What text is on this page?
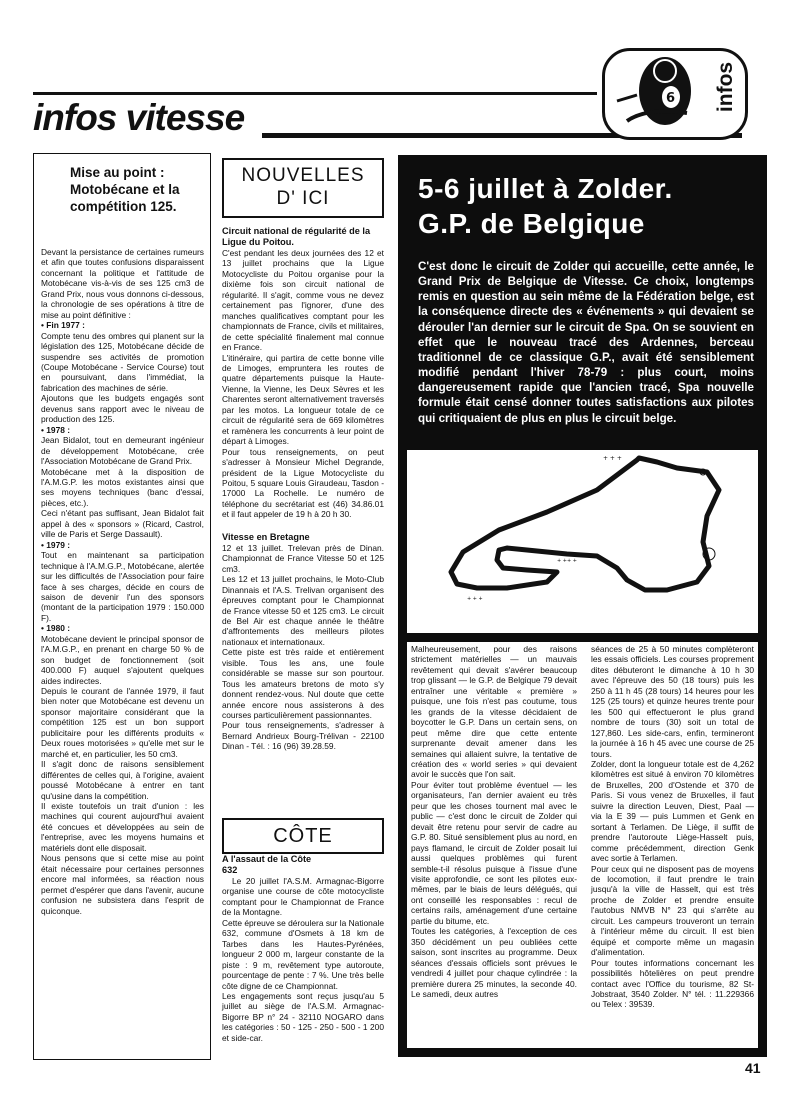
infos vitesse	6 infos
Mise au point : Motobécane et la compétition 125.

Devant la persistance de certaines rumeurs et afin que toutes confusions disparaissent concernant la politique et l'attitude de Motobécane vis-à-vis de ses 125 cm3 de Grand Prix, nous vous donnons ci-dessous, la chronologie de ses opérations à titre de mise au point définitive :

• Fin 1977 :

Compte tenu des ombres qui planent sur la législation des 125, Motobécane décide de suspendre ses activités de promotion (Coupe Motobécane - Service Course) tout en poursuivant, dans l'immédiat, la fabrication des machines de série.

Ajoutons que les budgets engagés sont devenus sans rapport avec le niveau de production des 125.

• 1978 :

Jean Bidalot, tout en demeurant ingénieur de développement Motobécane, crée l'Association Motobécane de Grand Prix.

Motobécane met à la disposition de l'A.M.G.P. les motos existantes ainsi que ses moyens techniques (banc d'essai, pièces, etc.).

Ceci n'étant pas suffisant, Jean Bidalot fait appel à des « sponsors » (Ricard, Castrol, ville de Paris et Serge Dassault).

• 1979 :

Tout en maintenant sa participation technique à l'A.M.G.P., Motobécane, alertée sur les difficultés de l'Association pour faire face à ses charges, décide en cours de saison de devenir l'un des sponsors (montant de la participation 1979 : 150.000 F).

• 1980 :

Motobécane devient le principal sponsor de l'A.M.G.P., en prenant en charge 50 % de son budget de fonctionnement (soit 400.000 F) auquel s'ajoutent quelques aides indirectes.

Depuis le courant de l'année 1979, il faut bien noter que Motobécane est devenu un sponsor majoritaire considérant que la compétition 125 est un bon support publicitaire pour les différents produits « Deux roues motorisées » qu'elle met sur le marché et, en particulier, les 50 cm3.

Il s'agit donc de raisons sensiblement différentes de celles qui, à l'origine, avaient poussé Motobécane à entrer en tant qu'usine dans la compétition.

Il existe toutefois un trait d'union : les machines qui courent aujourd'hui avaient été concues et développées au sein de l'entreprise, avec les moyens humains et matériels dont elle disposait.

Nous pensons que si cette mise au point était nécessaire pour certaines personnes encore mal informées, sa réaction nous permet d'espérer que dans l'avenir, aucune confusion ne subsistera dans l'esprit de quiconque.

NOUVELLES D' ICI
Circuit national de régularité de la Ligue du Poitou.

C'est pendant les deux journées des 12 et 13 juillet prochains que la Ligue Motocycliste du Poitou organise pour la dixième fois son circuit national de régularité. Il s'agit, comme vous ne devez certainement pas l'ignorer, d'une des manches qualificatives comptant pour les championnats de France, civils et militaires, de cette spécialité finalement mal connue en France.

L'itinéraire, qui partira de cette bonne ville de Limoges, empruntera les routes de quatre départements puisque la Haute-Vienne, la Vienne, les Deux Sèvres et les Charentes seront alternativement traversés par les motos. La longueur totale de ce circuit de régularité sera de 669 kilomètres et ramènera les concurrents à leur point de départ à Limoges.

Pour tous renseignements, on peut s'adresser à Monsieur Michel Degrande, président de la Ligue Motocycliste du Poitou, 5 square Louis Giraudeau, Tasdon - 17000 La Rochelle. Le numéro de téléphone du secrétariat est (46) 34.86.01 et il faut appeler de 19 h à 20 h 30.

Vitesse en Bretagne

12 et 13 juillet. Trelevan près de Dinan. Championnat de France Vitesse 50 et 125 cm3.

Les 12 et 13 juillet prochains, le Moto-Club Dinannais et l'A.S. Trelivan organisent des épreuves comptant pour le Championnat de France vitesse 50 et 125 cm3. Le circuit de Bel Air est chaque année le théâtre d'affrontements des meilleurs pilotes nationaux et internationaux.

Cette piste est très raide et entièrement visible. Tous les ans, une foule considérable se masse sur son pourtour. Tous les amateurs bretons de moto s'y donnent rendez-vous. Nul doute que cette année encore nous assisterons à des courses particulièrement passionnantes.

Pour tous renseignements, s'adresser à Bernard Andrieux Bourg-Trélivan - 22100 Dinan - Tél. : 16 (96) 39.28.59.

CÔTE
A l'assaut de la Côte 632

Le 20 juillet l'A.S.M. Armagnac-Bigorre organise une course de côte motocycliste comptant pour le Championnat de France de la Montagne.

Cette épreuve se déroulera sur la Nationale 632, commune d'Osmets à 18 km de Tarbes dans les Hautes-Pyrénées, longueur 2 000 m, largeur constante de la piste : 9 m, revêtement type autoroute, pourcentage de pente : 7 %. Une très belle côte digne de ce Championnat.

Les engagements sont reçus jusqu'au 5 juillet au siège de l'A.S.M. Armagnac-Bigorre BP n° 24 - 32110 NOGARO dans les catégories : 50 - 125 - 250 - 500 - 1 200 et side-car.

5-6 juillet à Zolder.
G.P. de Belgique
C'est donc le circuit de Zolder qui accueille, cette année, le Grand Prix de Belgique de Vitesse. Ce choix, longtemps remis en question au sein même de la Fédération belge, est la conséquence directe des « événements » qui devaient se dérouler l'an dernier sur le circuit de Spa. On se souvient en effet que le nouveau tracé des Ardennes, berceau traditionnel de ce classique G.P., avait été sensiblement modifié pendant l'hiver 78-79 : plus court, moins dangereusement rapide que l'ancien tracé, Spa nouvelle formule était censé donner toutes satisfactions aux pilotes qui critiquaient de plus en plus le circuit belge.
+ + +
+ ++ +
+ + +

Malheureusement, pour des raisons strictement matérielles — un mauvais revêtement qui devait s'avérer beaucoup trop glissant — le G.P. de Belgique 79 devait entraîner une véritable « première » puisque, une fois n'est pas coutume, tous les grands de la vitesse décidaient de boycotter le G.P. Dans un certain sens, on peut même dire que cette entente surprenante devait amener dans les semaines qui allaient suivre, la tentative de création des « world series » qui devaient avoir le succès que l'on sait.

Pour éviter tout problème éventuel — les organisateurs, l'an dernier avaient eu très peur que les choses tournent mal avec le public — c'est donc le circuit de Zolder qui devait être retenu pour servir de cadre au G.P. 80. Situé sensiblement plus au nord, en pays flamand, le circuit de Zolder posait lui aussi quelques problèmes qui furent semble-t-il résolus puisque à l'issue d'une visite approfondie, ce sont les pilotes eux-mêmes, par le biais de leurs délégués, qui ont conseillé les responsables : recul de certains rails, aménagement d'une certaine partie du bitume, etc.

Toutes les catégories, à l'exception de ces 350 décidément un peu oubliées cette saison, sont inscrites au programme. Deux séances d'essais officiels sont prévues le vendredi 4 juillet pour chaque cylindrée : la première durera 25 minutes, la seconde 40. Le samedi, deux autres

séances de 25 à 50 minutes complèteront les essais officiels. Les courses proprement dites débuteront le dimanche à 10 h 30 avec l'épreuve des 50 (18 tours) puis les 250 à 11 h 45 (28 tours) 14 heures pour les 125 (25 tours) et quinze heures trente pour les 500 qui effectueront le plus grand nombre de tours (30) soit un total de 127,860. Les side-cars, enfin, termineront la journée à 16 h 45 avec une course de 25 tours.

Zolder, dont la longueur totale est de 4,262 kilomètres est situé à environ 70 kilomètres de Bruxelles, 200 d'Ostende et 370 de Paris. Si vous venez de Bruxelles, il faut suivre la direction Leuven, Diest, Paal — via la E 39 — puis Lummen et Genk en sortant à Terlamen. De Liège, il suffit de prendre l'autoroute Liège-Hasselt puis, comme précédemment, direction Genk avec sortie à Terlamen.

Pour ceux qui ne disposent pas de moyens de locomotion, il faut prendre le train jusqu'à la ville de Hasselt, qui est très proche de Zolder et prendre ensuite l'autobus NMVB N° 23 qui s'arrête au circuit. Les campeurs trouveront un terrain à l'intérieur même du circuit. Il est bien équipé et comporte même un magasin d'alimentation.

Pour toutes informations concernant les possibilités hôtelières on peut prendre contact avec l'Office du tourisme, 82 St-Jobstraat, 3540 Zolder. N° tél. : 11.229366 ou Telex : 39539.

41
